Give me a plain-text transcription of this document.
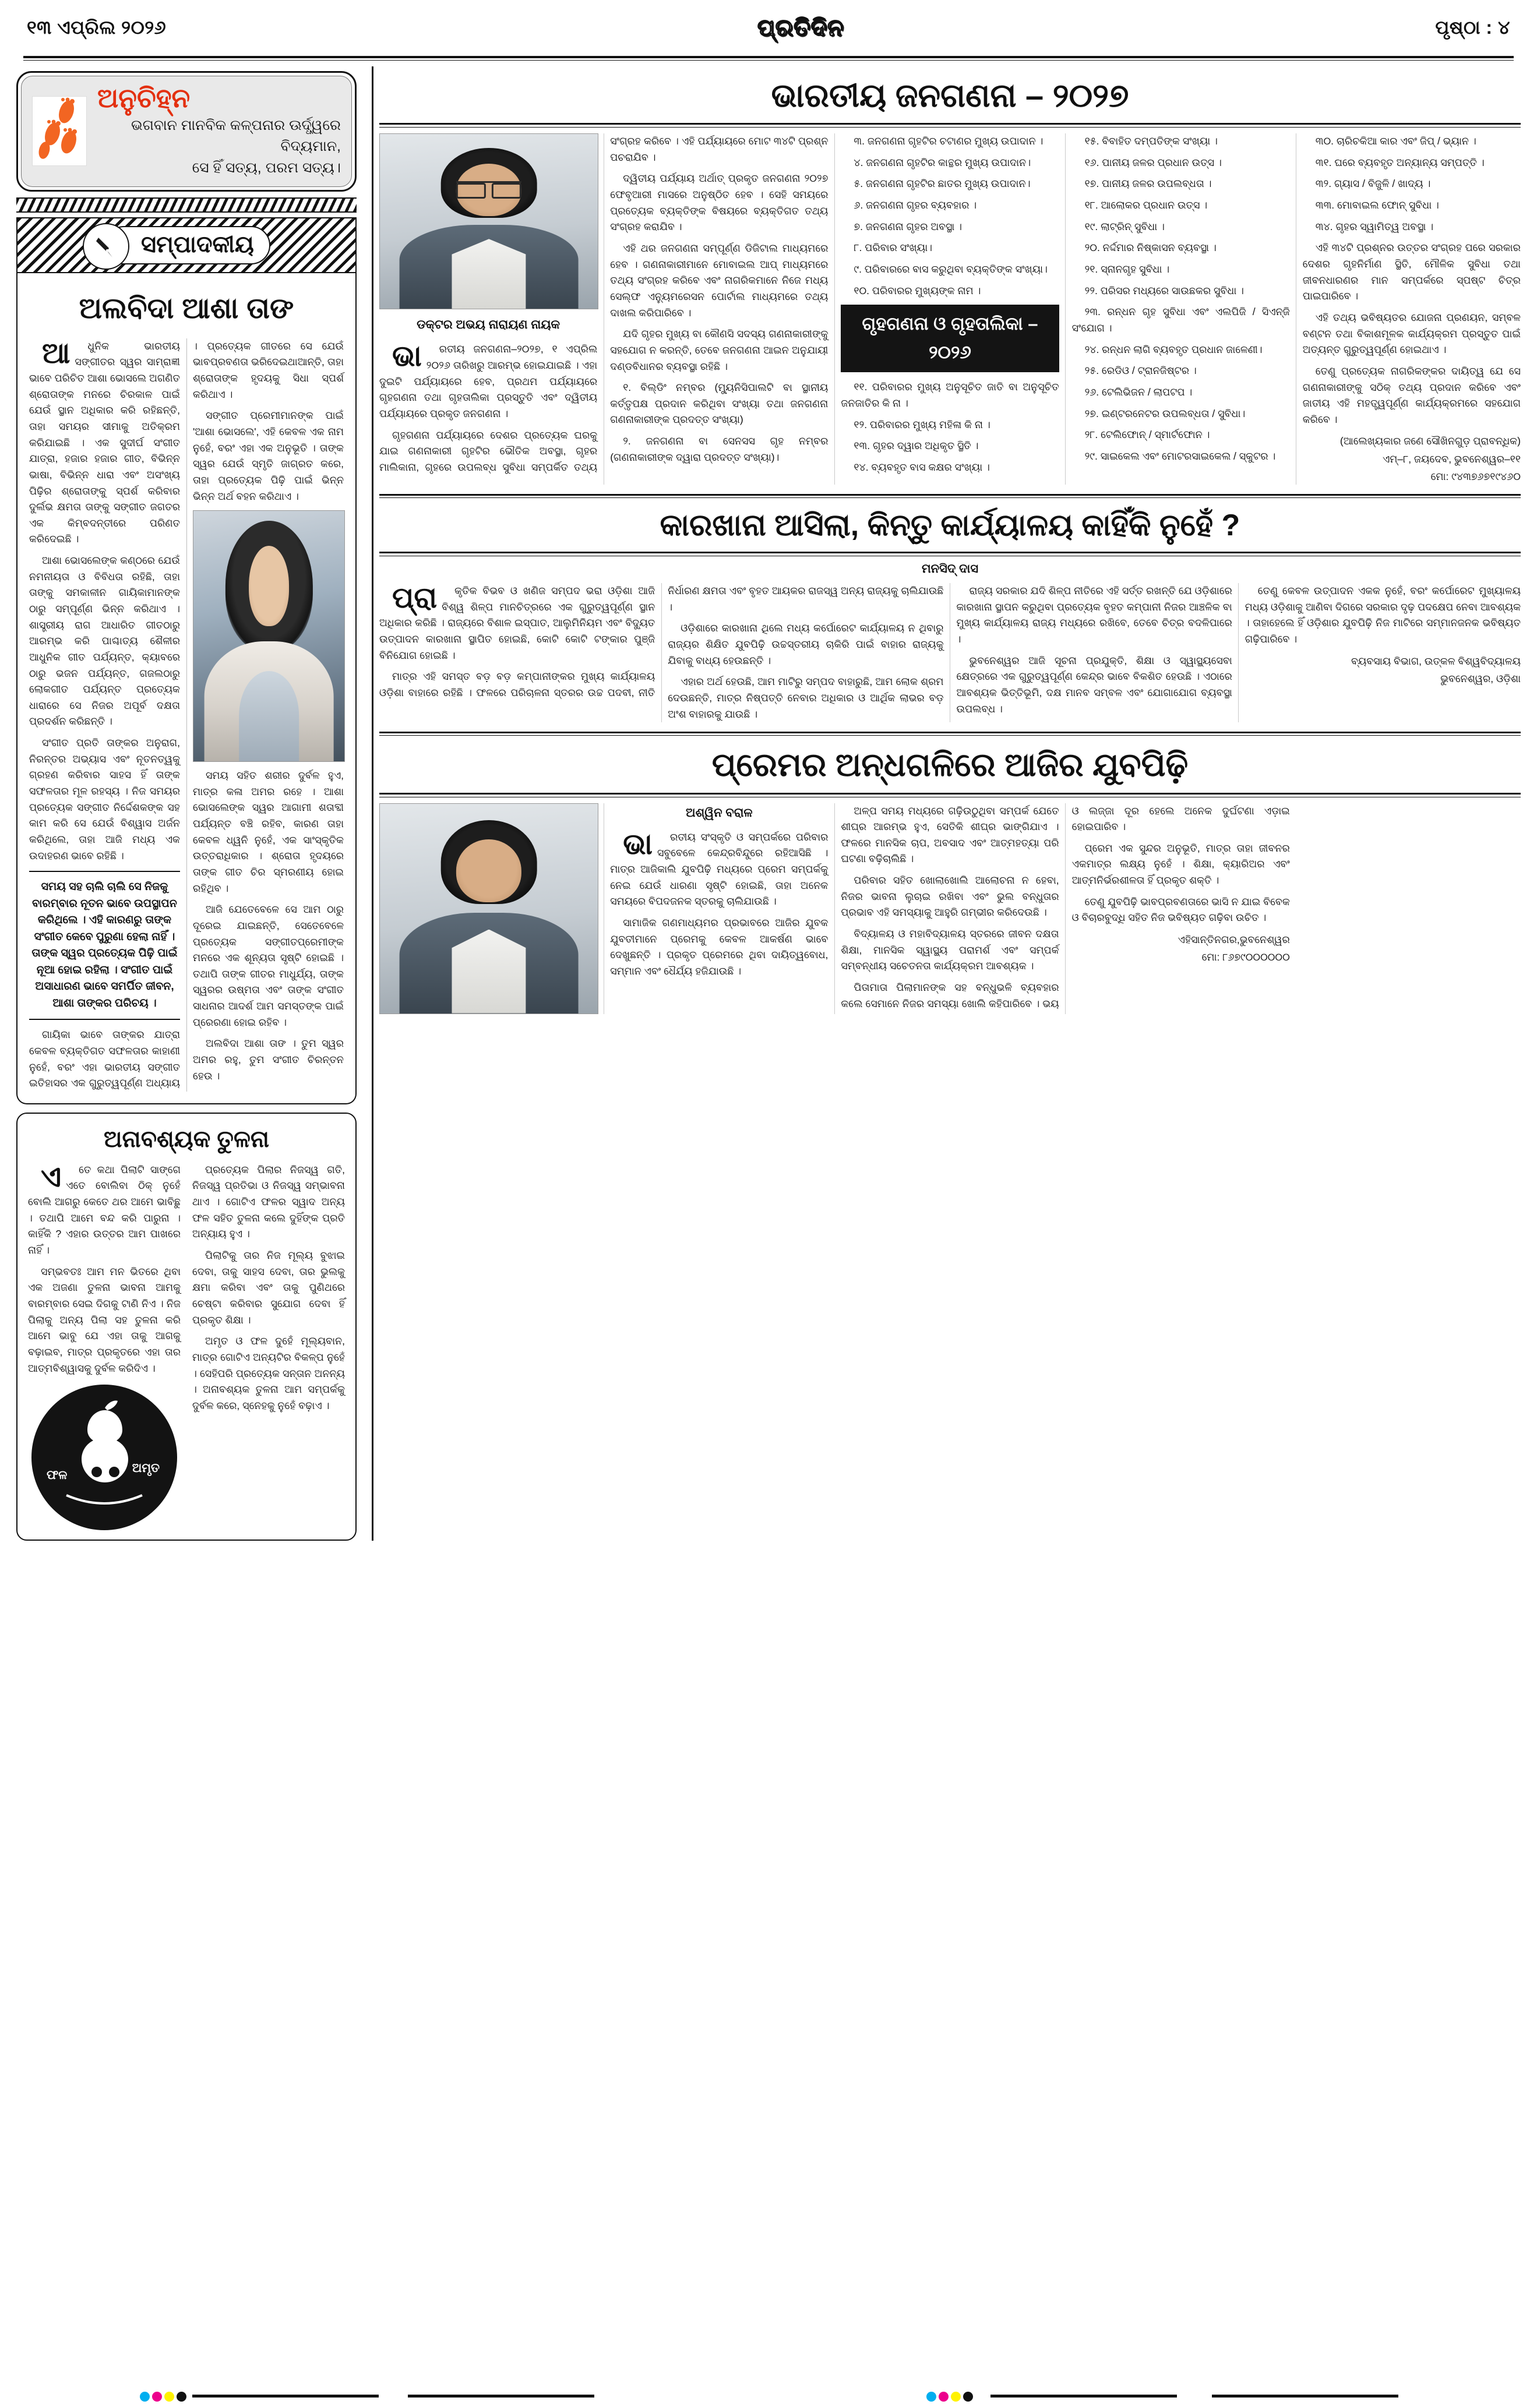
୧୩ ଏପ୍ରିଲ ୨୦୨୬	ପ୍ରତିଦିନ	ପୃଷ୍ଠା : ୪
ଅନୁଚିହ୍ନ
ଭଗବାନ ମାନବିକ କଳ୍ପନାର ଊର୍ଦ୍ଧ୍ୱରେ ବିଦ୍ୟମାନ,
ସେ ହିଁ ସତ୍ୟ, ପରମ ସତ୍ୟ।
ସମ୍ପାଦକୀୟ
ଅଲବିଦା ଆଶା ତାଙ

ଆଧୁନିକ ଭାରତୀୟ ସଙ୍ଗୀତର ସ୍ୱର ସାମ୍ରାଜ୍ଞୀ ଭାବେ ପରିଚିତ ଆଶା ଭୋସଲେ ଅଗଣିତ ଶ୍ରୋତାଙ୍କ ମନରେ ଚିରକାଳ ପାଇଁ ଯେଉଁ ସ୍ଥାନ ଅଧିକାର କରି ରହିଛନ୍ତି, ତାହା ସମୟର ସୀମାକୁ ଅତିକ୍ରମ କରିଯାଇଛି । ଏକ ସୁଦୀର୍ଘ ସଂଗୀତ ଯାତ୍ରା, ହଜାର ହଜାର ଗୀତ, ବିଭିନ୍ନ ଭାଷା, ବିଭିନ୍ନ ଧାରା ଏବଂ ଅସଂଖ୍ୟ ପିଢ଼ିର ଶ୍ରୋତାଙ୍କୁ ସ୍ପର୍ଶ କରିବାର ଦୁର୍ଲଭ କ୍ଷମତା ତାଙ୍କୁ ସଙ୍ଗୀତ ଜଗତର ଏକ କିମ୍ବଦନ୍ତୀରେ ପରିଣତ କରିଦେଇଛି ।

ଆଶା ଭୋସଲେଙ୍କ କଣ୍ଠରେ ଯେଉଁ ନମନୀୟତା ଓ ବିବିଧତା ରହିଛି, ତାହା ତାଙ୍କୁ ସମକାଳୀନ ଗାୟିକାମାନଙ୍କ ଠାରୁ ସମ୍ପୂର୍ଣ୍ଣ ଭିନ୍ନ କରିଥାଏ । ଶାସ୍ତ୍ରୀୟ ରାଗ ଆଧାରିତ ଗୀତଠାରୁ ଆରମ୍ଭ କରି ପାଶ୍ଚାତ୍ୟ ଶୈଳୀର ଆଧୁନିକ ଗୀତ ପର୍ଯ୍ୟନ୍ତ, କ୍ୟାବରେ ଠାରୁ ଭଜନ ପର୍ଯ୍ୟନ୍ତ, ଗଜଲଠାରୁ ଲୋକଗୀତ ପର୍ଯ୍ୟନ୍ତ ପ୍ରତ୍ୟେକ ଧାରାରେ ସେ ନିଜର ଅପୂର୍ବ ଦକ୍ଷତା ପ୍ରଦର୍ଶନ କରିଛନ୍ତି ।

ସଂଗୀତ ପ୍ରତି ତାଙ୍କର ଅନୁରାଗ, ନିରନ୍ତର ଅଭ୍ୟାସ ଏବଂ ନୂତନତ୍ୱକୁ ଗ୍ରହଣ କରିବାର ସାହସ ହିଁ ତାଙ୍କ ସଫଳତାର ମୂଳ ରହସ୍ୟ । ନିଜ ସମୟର ପ୍ରତ୍ୟେକ ସଙ୍ଗୀତ ନିର୍ଦ୍ଦେଶକଙ୍କ ସହ କାମ କରି ସେ ଯେଉଁ ବିଶ୍ୱାସ ଅର୍ଜନ କରିଥିଲେ, ତାହା ଆଜି ମଧ୍ୟ ଏକ ଉଦାହରଣ ଭାବେ ରହିଛି ।

ସମୟ ସହ ଚାଲି ଚାଲି ସେ ନିଜକୁ ବାରମ୍ବାର ନୂତନ ଭାବେ ଉପସ୍ଥାପନ କରିଥିଲେ । ଏହି କାରଣରୁ ତାଙ୍କ ସଂଗୀତ କେବେ ପୁରୁଣା ହେଲା ନାହିଁ । ତାଙ୍କ ସ୍ୱର ପ୍ରତ୍ୟେକ ପିଢ଼ି ପାଇଁ ନୂଆ ହୋଇ ରହିଲା । ସଂଗୀତ ପାଇଁ ଅସାଧାରଣ ଭାବେ ସମର୍ପିତ ଜୀବନ, ଆଶା ତାଙ୍କର ପରିଚୟ ।

ଗାୟିକା ଭାବେ ତାଙ୍କର ଯାତ୍ରା କେବଳ ବ୍ୟକ୍ତିଗତ ସଫଳତାର କାହାଣୀ ନୁହେଁ, ବରଂ ଏହା ଭାରତୀୟ ସଙ୍ଗୀତ ଇତିହାସର ଏକ ଗୁରୁତ୍ୱପୂର୍ଣ୍ଣ ଅଧ୍ୟାୟ । ପ୍ରତ୍ୟେକ ଗୀତରେ ସେ ଯେଉଁ ଭାବପ୍ରବଣତା ଭରିଦେଇଥାଆନ୍ତି, ତାହା ଶ୍ରୋତାଙ୍କ ହୃଦୟକୁ ସିଧା ସ୍ପର୍ଶ କରିଥାଏ ।

ସଙ୍ଗୀତ ପ୍ରେମୀମାନଙ୍କ ପାଇଁ 'ଆଶା ଭୋସଲେ', ଏହି କେବଳ ଏକ ନାମ ନୁହେଁ, ବରଂ ଏହା ଏକ ଅନୁଭୂତି । ତାଙ୍କ ସ୍ୱର ଯେଉଁ ସ୍ମୃତି ଜାଗ୍ରତ କରେ, ତାହା ପ୍ରତ୍ୟେକ ପିଢ଼ି ପାଇଁ ଭିନ୍ନ ଭିନ୍ନ ଅର୍ଥ ବହନ କରିଥାଏ ।

ସମୟ ସହିତ ଶରୀର ଦୁର୍ବଳ ହୁଏ, ମାତ୍ର କଳା ଅମର ରହେ । ଆଶା ଭୋସଲେଙ୍କ ସ୍ୱର ଆଗାମୀ ଶତାବ୍ଦୀ ପର୍ଯ୍ୟନ୍ତ ବଞ୍ଚି ରହିବ, କାରଣ ତାହା କେବଳ ଧ୍ୱନି ନୁହେଁ, ଏକ ସାଂସ୍କୃତିକ ଉତ୍ତରାଧିକାର । ଶ୍ରୋତା ହୃଦୟରେ ତାଙ୍କ ଗୀତ ଚିର ସ୍ମରଣୀୟ ହୋଇ ରହିଥିବ ।

ଆଜି ଯେତେବେଳେ ସେ ଆମ ଠାରୁ ଦୂରେଇ ଯାଇଛନ୍ତି, ସେତେବେଳେ ପ୍ରତ୍ୟେକ ସଙ୍ଗୀତପ୍ରେମୀଙ୍କ ମନରେ ଏକ ଶୂନ୍ୟତା ସୃଷ୍ଟି ହୋଇଛି । ତଥାପି ତାଙ୍କ ଗୀତର ମାଧୁର୍ଯ୍ୟ, ତାଙ୍କ ସ୍ୱରର ଉଷ୍ମତା ଏବଂ ତାଙ୍କ ସଂଗୀତ ସାଧନାର ଆଦର୍ଶ ଆମ ସମସ୍ତଙ୍କ ପାଇଁ ପ୍ରେରଣା ହୋଇ ରହିବ ।

ଅଲବିଦା ଆଶା ତାଙ । ତୁମ ସ୍ୱର ଅମର ରହୁ, ତୁମ ସଂଗୀତ ଚିରନ୍ତନ ହେଉ ।

ଅନାବଶ୍ୟକ ତୁଳନା

ଏତେ କଥା ପିଲାଟି ସାଙ୍ଗେ ଏତେ ବୋଲିବା ଠିକ୍ ନୁହେଁ ବୋଲି ଆଗରୁ କେତେ ଥର ଆମେ ଭାବିଛୁ । ତଥାପି ଆମେ ବନ୍ଦ କରି ପାରୁନା । କାହିଁକି ? ଏହାର ଉତ୍ତର ଆମ ପାଖରେ ନାହିଁ ।

ସମ୍ଭବତଃ ଆମ ମନ ଭିତରେ ଥିବା ଏକ ଅଜଣା ତୁଳନା ଭାବନା ଆମକୁ ବାରମ୍ବାର ସେଇ ଦିଗକୁ ଟାଣି ନିଏ । ନିଜ ପିଲାକୁ ଅନ୍ୟ ପିଲା ସହ ତୁଳନା କରି ଆମେ ଭାବୁ ଯେ ଏହା ତାକୁ ଆଗକୁ ବଢ଼ାଇବ, ମାତ୍ର ପ୍ରକୃତରେ ଏହା ତାର ଆତ୍ମବିଶ୍ୱାସକୁ ଦୁର୍ବଳ କରିଦିଏ ।

ଫଳ
ଅମୃତ

ପ୍ରତ୍ୟେକ ପିଲାର ନିଜସ୍ୱ ଗତି, ନିଜସ୍ୱ ପ୍ରତିଭା ଓ ନିଜସ୍ୱ ସମ୍ଭାବନା ଥାଏ । ଗୋଟିଏ ଫଳର ସ୍ୱାଦ ଅନ୍ୟ ଫଳ ସହିତ ତୁଳନା କଲେ ଦୁହିଁଙ୍କ ପ୍ରତି ଅନ୍ୟାୟ ହୁଏ ।

ପିଲାଟିକୁ ତାର ନିଜ ମୂଲ୍ୟ ବୁଝାଇ ଦେବା, ତାକୁ ସାହସ ଦେବା, ତାର ଭୁଲକୁ କ୍ଷମା କରିବା ଏବଂ ତାକୁ ପୁଣିଥରେ ଚେଷ୍ଟା କରିବାର ସୁଯୋଗ ଦେବା ହିଁ ପ୍ରକୃତ ଶିକ୍ଷା ।

ଅମୃତ ଓ ଫଳ ଦୁହେଁ ମୂଲ୍ୟବାନ, ମାତ୍ର ଗୋଟିଏ ଅନ୍ୟଟିର ବିକଳ୍ପ ନୁହେଁ । ସେହିପରି ପ୍ରତ୍ୟେକ ସନ୍ତାନ ଅନନ୍ୟ । ଅନାବଶ୍ୟକ ତୁଳନା ଆମ ସମ୍ପର୍କକୁ ଦୁର୍ବଳ କରେ, ସ୍ନେହକୁ ନୁହେଁ ବଢ଼ାଏ ।

ଭାରତୀୟ ଜନଗଣନା – ୨୦୨୭
ଡକ୍ଟର ଅଭୟ ନାରାୟଣ ନାୟକ

ଭାରତୀୟ ଜନଗଣନା–୨୦୨୭, ୧ ଏପ୍ରିଲ ୨୦୨୬ ତାରିଖରୁ ଆରମ୍ଭ ହୋଇଯାଇଛି । ଏହା ଦୁଇଟି ପର୍ଯ୍ୟାୟରେ ହେବ, ପ୍ରଥମ ପର୍ଯ୍ୟାୟରେ ଗୃହଗଣନା ତଥା ଗୃହତାଲିକା ପ୍ରସ୍ତୁତି ଏବଂ ଦ୍ୱିତୀୟ ପର୍ଯ୍ୟାୟରେ ପ୍ରକୃତ ଜନଗଣନା ।

ଗୃହଗଣନା ପର୍ଯ୍ୟାୟରେ ଦେଶର ପ୍ରତ୍ୟେକ ଘରକୁ ଯାଇ ଗଣନାକାରୀ ଗୃହଟିର ଭୌତିକ ଅବସ୍ଥା, ଗୃହର ମାଲିକାନା, ଗୃହରେ ଉପଲବ୍ଧ ସୁବିଧା ସମ୍ପର୍କିତ ତଥ୍ୟ ସଂଗ୍ରହ କରିବେ । ଏହି ପର୍ଯ୍ୟାୟରେ ମୋଟ ୩୪ଟି ପ୍ରଶ୍ନ ପଚରାଯିବ ।

ଦ୍ୱିତୀୟ ପର୍ଯ୍ୟାୟ ଅର୍ଥାତ୍ ପ୍ରକୃତ ଜନଗଣନା ୨୦୨୭ ଫେବୃଆରୀ ମାସରେ ଅନୁଷ୍ଠିତ ହେବ । ସେହି ସମୟରେ ପ୍ରତ୍ୟେକ ବ୍ୟକ୍ତିଙ୍କ ବିଷୟରେ ବ୍ୟକ୍ତିଗତ ତଥ୍ୟ ସଂଗ୍ରହ କରାଯିବ ।

ଏହି ଥର ଜନଗଣନା ସମ୍ପୂର୍ଣ୍ଣ ଡିଜିଟାଲ ମାଧ୍ୟମରେ ହେବ । ଗଣନାକାରୀମାନେ ମୋବାଇଲ ଆପ୍ ମାଧ୍ୟମରେ ତଥ୍ୟ ସଂଗ୍ରହ କରିବେ ଏବଂ ନାଗରିକମାନେ ନିଜେ ମଧ୍ୟ ସେଲ୍ଫ ଏନ୍ୟୁମରେସନ ପୋର୍ଟାଲ ମାଧ୍ୟମରେ ତଥ୍ୟ ଦାଖଲ କରିପାରିବେ ।

ଯଦି ଗୃହର ମୁଖ୍ୟ ବା କୌଣସି ସଦସ୍ୟ ଗଣନାକାରୀଙ୍କୁ ସହଯୋଗ ନ କରନ୍ତି, ତେବେ ଜନଗଣନା ଆଇନ ଅନୁଯାୟୀ ଦଣ୍ଡବିଧାନର ବ୍ୟବସ୍ଥା ରହିଛି ।

୧. ବିଲ୍ଡିଂ ନମ୍ବର (ମ୍ୟୁନିସିପାଲଟି ବା ସ୍ଥାନୀୟ କର୍ତ୍ତୃପକ୍ଷ ପ୍ରଦାନ କରିଥିବା ସଂଖ୍ୟା ତଥା ଜନଗଣନା ଗଣନାକାରୀଙ୍କ ପ୍ରଦତ୍ତ ସଂଖ୍ୟା)

୨. ଜନଗଣନା ବା ସେନସସ ଗୃହ ନମ୍ବର (ଗଣନାକାରୀଙ୍କ ଦ୍ୱାରା ପ୍ରଦତ୍ତ ସଂଖ୍ୟା)।

୩. ଜନଗଣନା ଗୃହଟିର ଚଟାଣର ମୁଖ୍ୟ ଉପାଦାନ ।

୪. ଜନଗଣନା ଗୃହଟିର କାନ୍ଥର ମୁଖ୍ୟ ଉପାଦାନ।

୫. ଜନଗଣନା ଗୃହଟିର ଛାତର ମୁଖ୍ୟ ଉପାଦାନ।

୬. ଜନଗଣନା ଗୃହର ବ୍ୟବହାର ।

୭. ଜନଗଣନା ଗୃହର ଅବସ୍ଥା ।

୮. ପରିବାର ସଂଖ୍ୟା।

୯. ପରିବାରରେ ବାସ କରୁଥିବା ବ୍ୟକ୍ତିଙ୍କ ସଂଖ୍ୟା।

୧୦. ପରିବାରର ମୁଖ୍ୟଙ୍କ ନାମ ।

ଗୃହଗଣନା ଓ ଗୃହତାଲିକା – ୨୦୨୬

୧୧. ପରିବାରର ମୁଖ୍ୟ ଅନୁସୂଚିତ ଜାତି ବା ଅନୁସୂଚିତ ଜନଜାତିର କି ନା ।

୧୨. ପରିବାରର ମୁଖ୍ୟ ମହିଳା କି ନା ।

୧୩. ଗୃହର ଦ୍ୱାର ଅଧିକୃତ ସ୍ଥିତି ।

୧୪. ବ୍ୟବହୃତ ବାସ କକ୍ଷର ସଂଖ୍ୟା ।

୧୫. ବିବାହିତ ଦମ୍ପତିଙ୍କ ସଂଖ୍ୟା ।

୧୬. ପାନୀୟ ଜଳର ପ୍ରଧାନ ଉତ୍ସ ।

୧୭. ପାନୀୟ ଜଳର ଉପଲବ୍ଧତା ।

୧୮. ଆଲୋକର ପ୍ରଧାନ ଉତ୍ସ ।

୧୯. ଲାଟ୍ରିନ୍ ସୁବିଧା ।

୨୦. ନର୍ଦ୍ଦମାର ନିଷ୍କାସନ ବ୍ୟବସ୍ଥା ।

୨୧. ସ୍ନାନଗୃହ ସୁବିଧା ।

୨୨. ପରିସର ମଧ୍ୟରେ ସାଉଛକର ସୁବିଧା ।

୨୩. ରନ୍ଧନ ଗୃହ ସୁବିଧା ଏବଂ ଏଲପିଜି / ସିଏନ୍ଜି ସଂଯୋଗ ।

୨୪. ରନ୍ଧନ ଲାଗି ବ୍ୟବହୃତ ପ୍ରଧାନ ଜାଳେଣୀ।

୨୫. ରେଡିଓ / ଟ୍ରାନଜିଷ୍ଟର ।

୨୬. ଟେଲିଭିଜନ / ଲାପଟପ ।

୨୭. ଇଣ୍ଟରନେଟର ଉପଲବ୍ଧତା / ସୁବିଧା।

୨୮. ଟେଲିଫୋନ୍ / ସ୍ମାର୍ଟଫୋନ ।

୨୯. ସାଇକେଲ ଏବଂ ମୋଟରସାଇକେଲ / ସ୍କୁଟର ।

୩୦. ଚାରିଚକିଆ କାର ଏବଂ ଜିପ୍ / ଭ୍ୟାନ ।

୩୧. ଘରେ ବ୍ୟବହୃତ ଅନ୍ୟାନ୍ୟ ସମ୍ପତ୍ତି ।

୩୨. ଗ୍ୟାସ / ବିଜୁଳି / ଖାଦ୍ୟ ।

୩୩. ମୋବାଇଲ ଫୋନ୍ ସୁବିଧା ।

୩୪. ଗୃହର ସ୍ୱାମିତ୍ୱ ଅବସ୍ଥା ।

ଏହି ୩୪ଟି ପ୍ରଶ୍ନର ଉତ୍ତର ସଂଗ୍ରହ ପରେ ସରକାର ଦେଶର ଗୃହନିର୍ମାଣ ସ୍ଥିତି, ମୌଳିକ ସୁବିଧା ତଥା ଜୀବନଧାରଣର ମାନ ସମ୍ପର୍କରେ ସ୍ପଷ୍ଟ ଚିତ୍ର ପାଇପାରିବେ ।

ଏହି ତଥ୍ୟ ଭବିଷ୍ୟତର ଯୋଜନା ପ୍ରଣୟନ, ସମ୍ବଳ ବଣ୍ଟନ ତଥା ବିକାଶମୂଳକ କାର୍ଯ୍ୟକ୍ରମ ପ୍ରସ୍ତୁତ ପାଇଁ ଅତ୍ୟନ୍ତ ଗୁରୁତ୍ୱପୂର୍ଣ୍ଣ ହୋଇଥାଏ ।

ତେଣୁ ପ୍ରତ୍ୟେକ ନାଗରିକଙ୍କର ଦାୟିତ୍ୱ ଯେ ସେ ଗଣନାକାରୀଙ୍କୁ ସଠିକ୍ ତଥ୍ୟ ପ୍ରଦାନ କରିବେ ଏବଂ ଜାତୀୟ ଏହି ମହତ୍ତ୍ୱପୂର୍ଣ୍ଣ କାର୍ଯ୍ୟକ୍ରମରେ ସହଯୋଗ କରିବେ ।

(ଆଲେଖ୍ୟକାର ଜଣେ ସୌଖିନଗୁଡ଼ ପ୍ରାବନ୍ଧିକ)

ଏମ୍–୮, ଜୟଦେବ, ଭୁବନେଶ୍ୱର–୧୧

ମୋ: ୯୪୩୭୬୭୧୯୪୬୦

କାରଖାନା ଆସିଲା, କିନ୍ତୁ କାର୍ଯ୍ୟାଳୟ କାହିଁକି ନୁହେଁ ?
ମନସିଦ୍ ଦାସ

ପ୍ରାକୃତିକ ବିଭବ ଓ ଖଣିଜ ସମ୍ପଦ ଭରା ଓଡ଼ିଶା ଆଜି ବିଶ୍ୱ ଶିଳ୍ପ ମାନଚିତ୍ରରେ ଏକ ଗୁରୁତ୍ୱପୂର୍ଣ୍ଣ ସ୍ଥାନ ଅଧିକାର କରିଛି । ରାଜ୍ୟରେ ବିଶାଳ ଇସ୍ପାତ, ଆଲୁମିନିୟମ ଏବଂ ବିଦ୍ୟୁତ ଉତ୍ପାଦନ କାରଖାନା ସ୍ଥାପିତ ହୋଇଛି, କୋଟି କୋଟି ଟଙ୍କାର ପୁଞ୍ଜି ବିନିଯୋଗ ହୋଇଛି ।

ମାତ୍ର ଏହି ସମସ୍ତ ବଡ଼ ବଡ଼ କମ୍ପାନୀଙ୍କର ମୁଖ୍ୟ କାର୍ଯ୍ୟାଳୟ ଓଡ଼ିଶା ବାହାରେ ରହିଛି । ଫଳରେ ପରିଚାଳନା ସ୍ତରର ଉଚ୍ଚ ପଦବୀ, ନୀତି ନିର୍ଧାରଣ କ୍ଷମତା ଏବଂ ବୃହତ ଆୟକର ରାଜସ୍ୱ ଅନ୍ୟ ରାଜ୍ୟକୁ ଚାଲିଯାଉଛି ।

ଓଡ଼ିଶାରେ କାରଖାନା ଥିଲେ ମଧ୍ୟ କର୍ପୋରେଟ କାର୍ଯ୍ୟାଳୟ ନ ଥିବାରୁ ରାଜ୍ୟର ଶିକ୍ଷିତ ଯୁବପିଢ଼ି ଉଚ୍ଚସ୍ତରୀୟ ଚାକିରି ପାଇଁ ବାହାର ରାଜ୍ୟକୁ ଯିବାକୁ ବାଧ୍ୟ ହେଉଛନ୍ତି ।

ଏହାର ଅର୍ଥ ହେଉଛି, ଆମ ମାଟିରୁ ସମ୍ପଦ ବାହାରୁଛି, ଆମ ଲୋକ ଶ୍ରମ ଦେଉଛନ୍ତି, ମାତ୍ର ନିଷ୍ପତ୍ତି ନେବାର ଅଧିକାର ଓ ଆର୍ଥିକ ଲାଭର ବଡ଼ ଅଂଶ ବାହାରକୁ ଯାଉଛି ।

ରାଜ୍ୟ ସରକାର ଯଦି ଶିଳ୍ପ ନୀତିରେ ଏହି ସର୍ତ୍ତ ରଖନ୍ତି ଯେ ଓଡ଼ିଶାରେ କାରଖାନା ସ୍ଥାପନ କରୁଥିବା ପ୍ରତ୍ୟେକ ବୃହତ କମ୍ପାନୀ ନିଜର ଆଞ୍ଚଳିକ ବା ମୁଖ୍ୟ କାର୍ଯ୍ୟାଳୟ ରାଜ୍ୟ ମଧ୍ୟରେ ରଖିବେ, ତେବେ ଚିତ୍ର ବଦଳିପାରେ ।

ଭୁବନେଶ୍ୱର ଆଜି ସୂଚନା ପ୍ରଯୁକ୍ତି, ଶିକ୍ଷା ଓ ସ୍ୱାସ୍ଥ୍ୟସେବା କ୍ଷେତ୍ରରେ ଏକ ଗୁରୁତ୍ୱପୂର୍ଣ୍ଣ କେନ୍ଦ୍ର ଭାବେ ବିକଶିତ ହେଉଛି । ଏଠାରେ ଆବଶ୍ୟକ ଭିତ୍ତିଭୂମି, ଦକ୍ଷ ମାନବ ସମ୍ବଳ ଏବଂ ଯୋଗାଯୋଗ ବ୍ୟବସ୍ଥା ଉପଲବ୍ଧ ।

ତେଣୁ କେବଳ ଉତ୍ପାଦନ ଏକକ ନୁହେଁ, ବରଂ କର୍ପୋରେଟ ମୁଖ୍ୟାଳୟ ମଧ୍ୟ ଓଡ଼ିଶାକୁ ଆଣିବା ଦିଗରେ ସରକାର ଦୃଢ଼ ପଦକ୍ଷେପ ନେବା ଆବଶ୍ୟକ । ତାହାହେଲେ ହିଁ ଓଡ଼ିଶାର ଯୁବପିଢ଼ି ନିଜ ମାଟିରେ ସମ୍ମାନଜନକ ଭବିଷ୍ୟତ ଗଢ଼ିପାରିବେ ।

ବ୍ୟବସାୟ ବିଭାଗ, ଉତ୍କଳ ବିଶ୍ୱବିଦ୍ୟାଳୟ

ଭୁବନେଶ୍ୱର, ଓଡ଼ିଶା

ପ୍ରେମର ଅନ୍ଧଗଳିରେ ଆଜିର ଯୁବପିଢ଼ି
ଅଶ୍ୱିନ ବରାଳ

ଭାରତୀୟ ସଂସ୍କୃତି ଓ ସମ୍ପର୍କରେ ପରିବାର ସବୁବେଳେ କେନ୍ଦ୍ରବିନ୍ଦୁରେ ରହିଆସିଛି । ମାତ୍ର ଆଜିକାଲି ଯୁବପିଢ଼ି ମଧ୍ୟରେ ପ୍ରେମ ସମ୍ପର୍କକୁ ନେଇ ଯେଉଁ ଧାରଣା ସୃଷ୍ଟି ହୋଇଛି, ତାହା ଅନେକ ସମୟରେ ବିପଦଜନକ ସ୍ତରକୁ ଚାଲିଯାଉଛି ।

ସାମାଜିକ ଗଣମାଧ୍ୟମର ପ୍ରଭାବରେ ଆଜିର ଯୁବକ ଯୁବତୀମାନେ ପ୍ରେମକୁ କେବଳ ଆକର୍ଷଣ ଭାବେ ଦେଖୁଛନ୍ତି । ପ୍ରକୃତ ପ୍ରେମରେ ଥିବା ଦାୟିତ୍ୱବୋଧ, ସମ୍ମାନ ଏବଂ ଧୈର୍ଯ୍ୟ ହଜିଯାଉଛି ।

ଅଳ୍ପ ସମୟ ମଧ୍ୟରେ ଗଢ଼ିଉଠୁଥିବା ସମ୍ପର୍କ ଯେତେ ଶୀଘ୍ର ଆରମ୍ଭ ହୁଏ, ସେତିକି ଶୀଘ୍ର ଭାଙ୍ଗିଯାଏ । ଫଳରେ ମାନସିକ ଚାପ, ଅବସାଦ ଏବଂ ଆତ୍ମହତ୍ୟା ପରି ଘଟଣା ବଢ଼ିଚାଲିଛି ।

ପରିବାର ସହିତ ଖୋଲାଖୋଲି ଆଲୋଚନା ନ ହେବା, ନିଜର ଭାବନା ଲୁଚାଇ ରଖିବା ଏବଂ ଭୁଲ ବନ୍ଧୁତାର ପ୍ରଭାବ ଏହି ସମସ୍ୟାକୁ ଆହୁରି ଗମ୍ଭୀର କରିଦେଉଛି ।

ବିଦ୍ୟାଳୟ ଓ ମହାବିଦ୍ୟାଳୟ ସ୍ତରରେ ଜୀବନ ଦକ୍ଷତା ଶିକ୍ଷା, ମାନସିକ ସ୍ୱାସ୍ଥ୍ୟ ପରାମର୍ଶ ଏବଂ ସମ୍ପର୍କ ସମ୍ବନ୍ଧୀୟ ସଚେତନତା କାର୍ଯ୍ୟକ୍ରମ ଆବଶ୍ୟକ ।

ପିତାମାତା ପିଲାମାନଙ୍କ ସହ ବନ୍ଧୁଭଳି ବ୍ୟବହାର କଲେ ସେମାନେ ନିଜର ସମସ୍ୟା ଖୋଲି କହିପାରିବେ । ଭୟ ଓ ଲଜ୍ଜା ଦୂର ହେଲେ ଅନେକ ଦୁର୍ଘଟଣା ଏଡ଼ାଇ ହୋଇପାରିବ ।

ପ୍ରେମ ଏକ ସୁନ୍ଦର ଅନୁଭୂତି, ମାତ୍ର ତାହା ଜୀବନର ଏକମାତ୍ର ଲକ୍ଷ୍ୟ ନୁହେଁ । ଶିକ୍ଷା, କ୍ୟାରିଅର ଏବଂ ଆତ୍ମନିର୍ଭରଶୀଳତା ହିଁ ପ୍ରକୃତ ଶକ୍ତି ।

ତେଣୁ ଯୁବପିଢ଼ି ଭାବପ୍ରବଣତାରେ ଭାସି ନ ଯାଇ ବିବେକ ଓ ବିଚାରବୁଦ୍ଧି ସହିତ ନିଜ ଭବିଷ୍ୟତ ଗଢ଼ିବା ଉଚିତ ।

ଏହିସାନ୍ତିନଗର,ଭୁବନେଶ୍ୱର

ମୋ: ୮୬୭୯୦୦୦୦୦୦
